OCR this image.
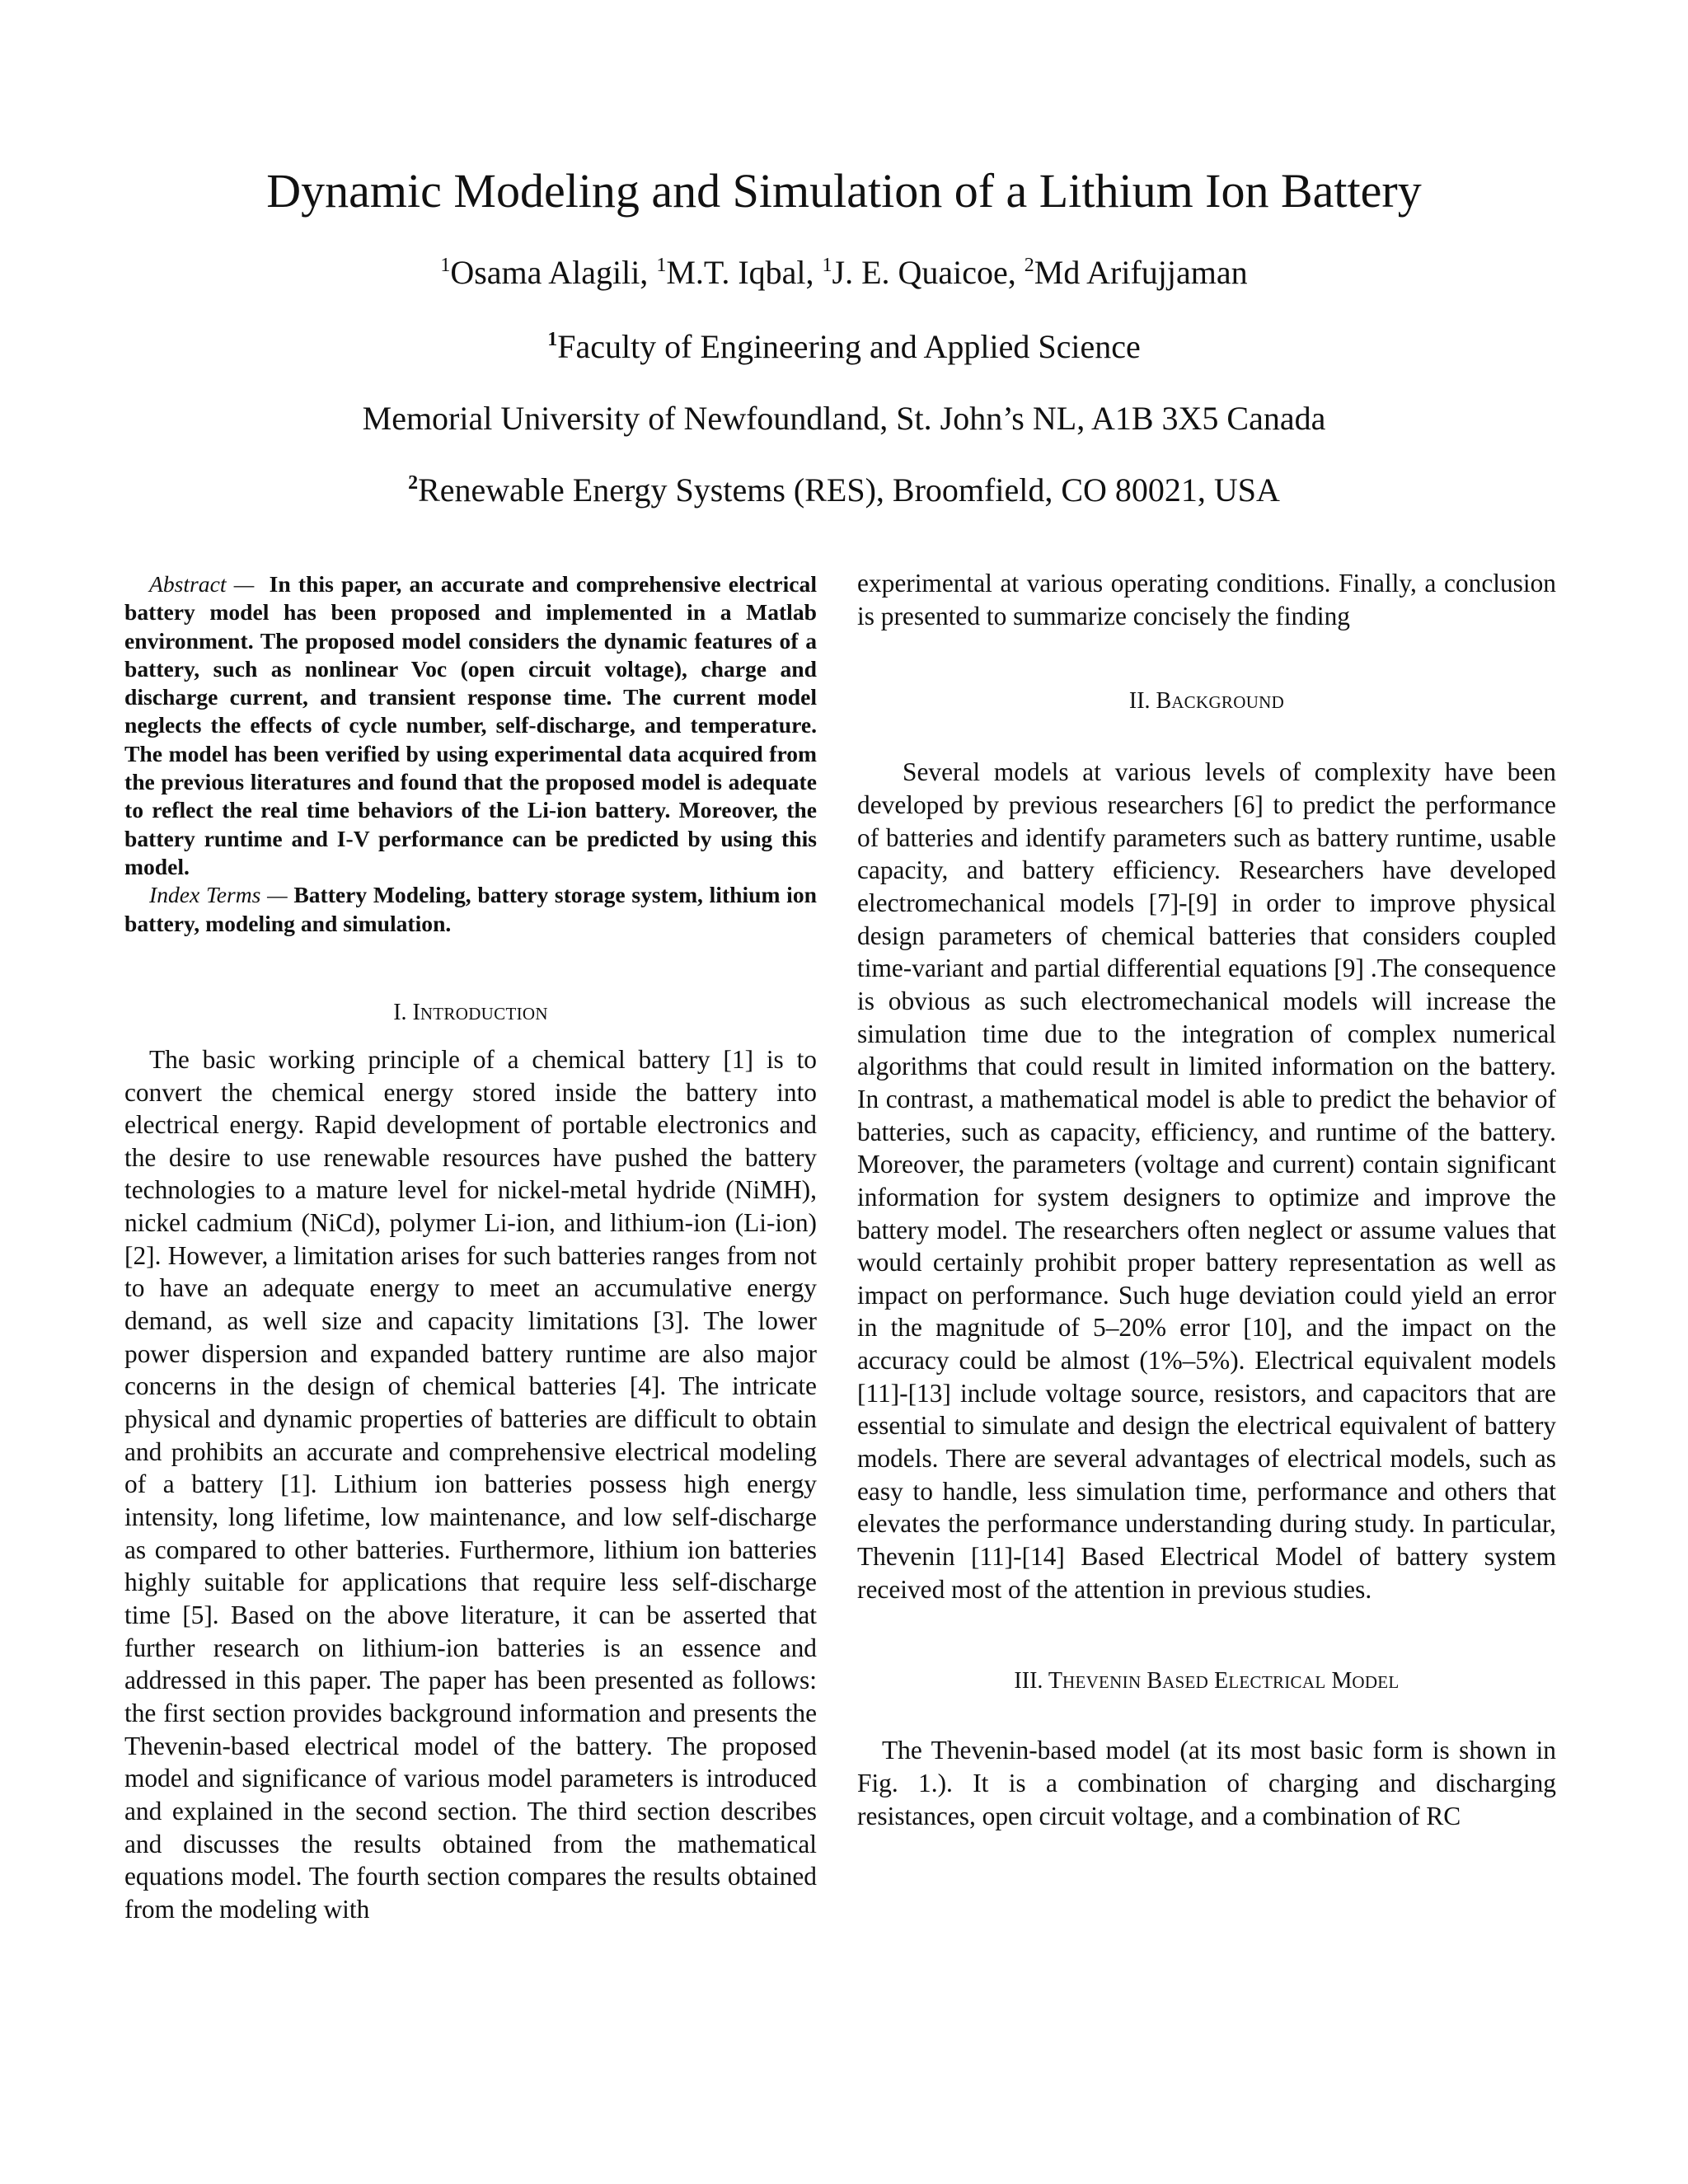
Dynamic Modeling and Simulation of a Lithium Ion Battery
$^1$Osama Alagili, $^1$M.T. Iqbal, $^1$J. E. Quaicoe, $^2$Md Arifujjaman
$^1$Faculty of Engineering and Applied Science
Memorial University of Newfoundland, St. John’s NL, A1B 3X5 Canada
$^2$Renewable Energy Systems (RES), Broomfield, CO 80021, USA

Abstract — In this paper, an accurate and comprehensive electrical battery model has been proposed and implemented in a Matlab environment. The proposed model considers the dynamic features of a battery, such as nonlinear Voc (open circuit voltage), charge and discharge current, and transient response time. The current model neglects the effects of cycle number, self-discharge, and temperature. The model has been verified by using experimental data acquired from the previous literatures and found that the proposed model is adequate to reflect the real time behaviors of the Li-ion battery. Moreover, the battery runtime and I-V performance can be predicted by using this model.

Index Terms — Battery Modeling, battery storage system, lithium ion battery, modeling and simulation.

I. INTRODUCTION

The basic working principle of a chemical battery [1] is to convert the chemical energy stored inside the battery into electrical energy. Rapid development of portable electronics and the desire to use renewable resources have pushed the battery technologies to a mature level for nickel-metal hydride (NiMH), nickel cadmium (NiCd), polymer Li-ion, and lithium-ion (Li-ion) [2]. However, a limitation arises for such batteries ranges from not to have an adequate energy to meet an accumulative energy demand, as well size and capacity limitations [3]. The lower power dispersion and expanded battery runtime are also major concerns in the design of chemical batteries [4]. The intricate physical and dynamic properties of batteries are difficult to obtain and prohibits an accurate and comprehensive electrical modeling of a battery [1]. Lithium ion batteries possess high energy intensity, long lifetime, low maintenance, and low self-discharge as compared to other batteries. Furthermore, lithium ion batteries highly suitable for applications that require less self-discharge time [5]. Based on the above literature, it can be asserted that further research on lithium-ion batteries is an essence and addressed in this paper. The paper has been presented as follows: the first section provides background information and presents the Thevenin-based electrical model of the battery. The proposed model and significance of various model parameters is introduced and explained in the second section. The third section describes and discusses the results obtained from the mathematical equations model. The fourth section compares the results obtained from the modeling with

experimental at various operating conditions. Finally, a conclusion is presented to summarize concisely the finding

II. BACKGROUND

Several models at various levels of complexity have been developed by previous researchers [6] to predict the performance of batteries and identify parameters such as battery runtime, usable capacity, and battery efficiency. Researchers have developed electromechanical models [7]-[9] in order to improve physical design parameters of chemical batteries that considers coupled time-variant and partial differential equations [9] .The consequence is obvious as such electromechanical models will increase the simulation time due to the integration of complex numerical algorithms that could result in limited information on the battery. In contrast, a mathematical model is able to predict the behavior of batteries, such as capacity, efficiency, and runtime of the battery. Moreover, the parameters (voltage and current) contain significant information for system designers to optimize and improve the battery model. The researchers often neglect or assume values that would certainly prohibit proper battery representation as well as impact on performance. Such huge deviation could yield an error in the magnitude of 5–20% error [10], and the impact on the accuracy could be almost (1%–5%). Electrical equivalent models [11]-[13] include voltage source, resistors, and capacitors that are essential to simulate and design the electrical equivalent of battery models. There are several advantages of electrical models, such as easy to handle, less simulation time, performance and others that elevates the performance understanding during study. In particular, Thevenin [11]-[14] Based Electrical Model of battery system received most of the attention in previous studies.

III. THEVENIN BASED ELECTRICAL MODEL

The Thevenin-based model (at its most basic form is shown in Fig. 1.). It is a combination of charging and discharging resistances, open circuit voltage, and a combination of RC
